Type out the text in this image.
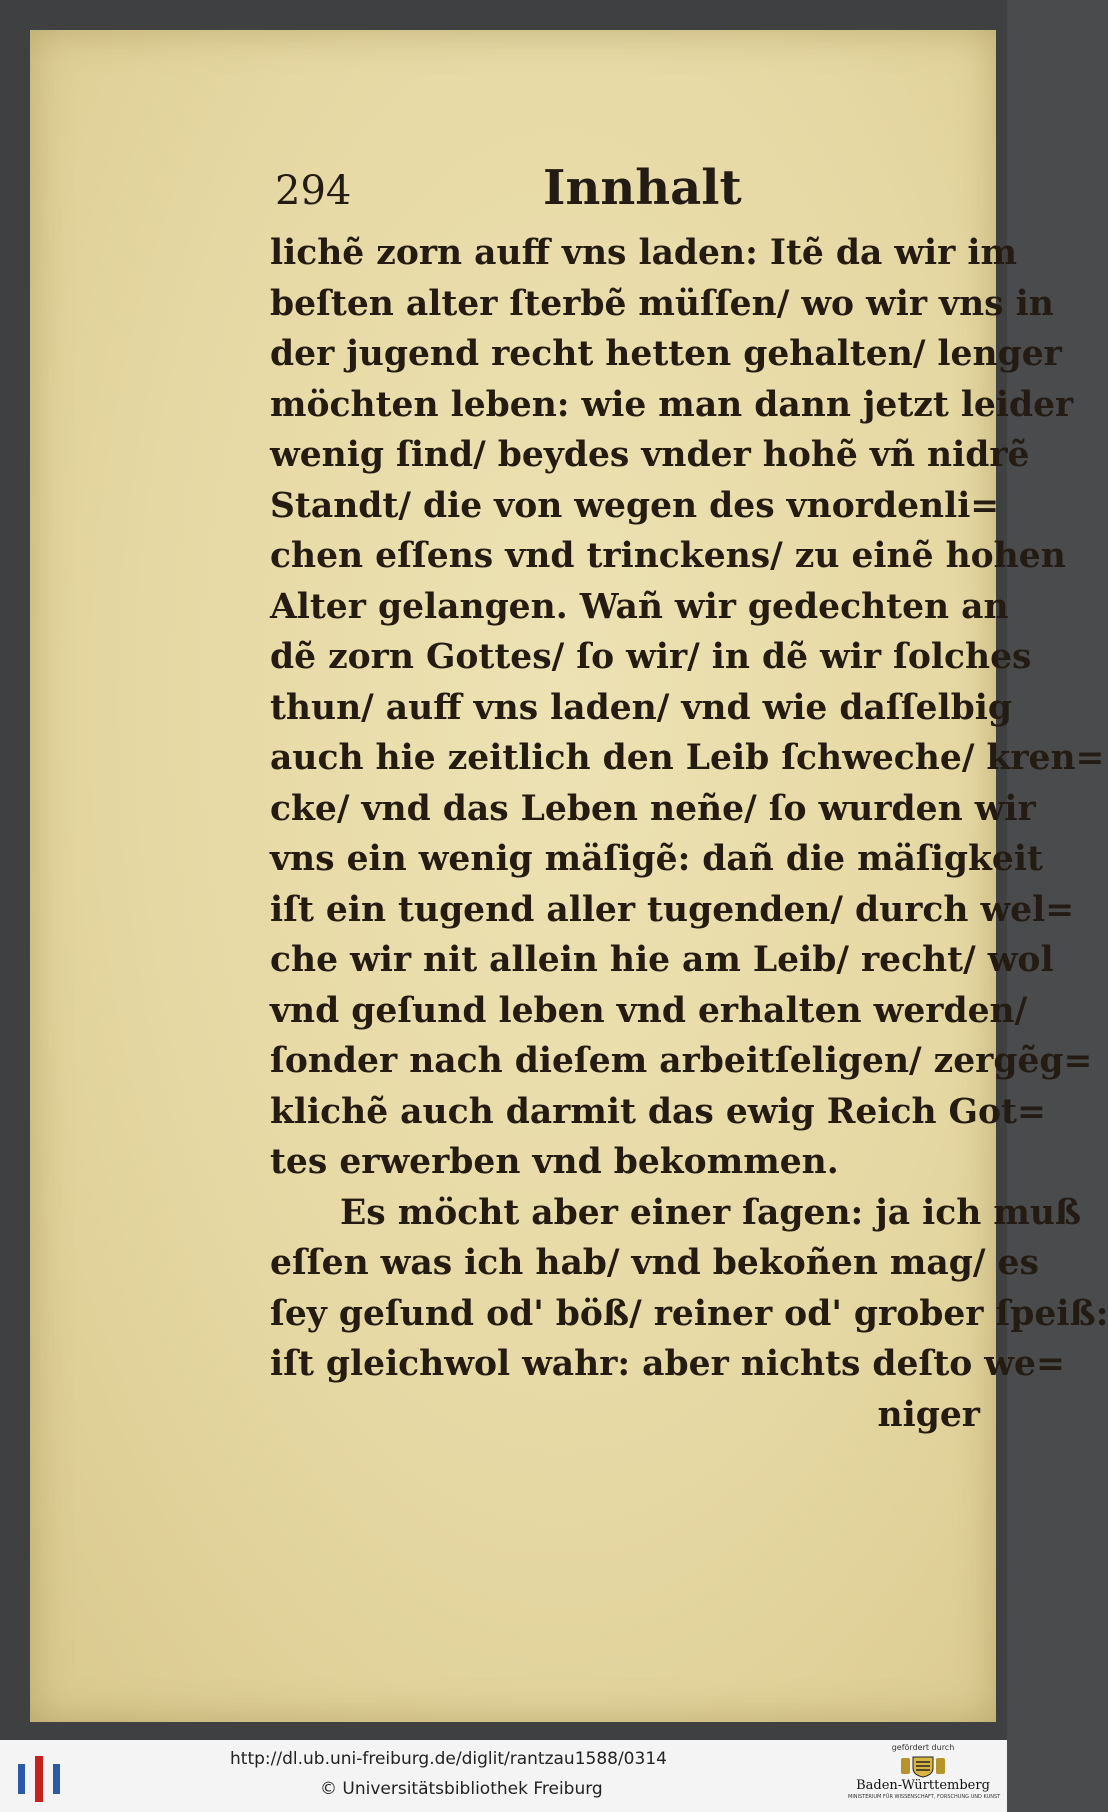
294	Innhalt
lichẽ zorn auff vns laden: Itẽ da wir im
beſten alter ſterbẽ müſſen/ wo wir vns in
der jugend recht hetten gehalten/ lenger
möchten leben: wie man dann jetzt leider
wenig ſind/ beydes vnder hohẽ vñ nidrẽ
Standt/ die von wegen des vnordenli=
chen eſſens vnd trinckens/ zu einẽ hohen
Alter gelangen. Wañ wir gedechten an
dẽ zorn Gottes/ ſo wir/ in dẽ wir ſolches
thun/ auff vns laden/ vnd wie daſſelbig
auch hie zeitlich den Leib ſchweche/ kren=
cke/ vnd das Leben neñe/ ſo wurden wir
vns ein wenig mäſigẽ: dañ die mäſigkeit
iſt ein tugend aller tugenden/ durch wel=
che wir nit allein hie am Leib/ recht/ wol
vnd geſund leben vnd erhalten werden/
ſonder nach dieſem arbeitſeligen/ zergẽg=
klichẽ auch darmit das ewig Reich Got=
tes erwerben vnd bekommen.
Es möcht aber einer ſagen: ja ich muß
eſſen was ich hab/ vnd bekoñen mag/ es
ſey geſund od' böß/ reiner od' grober ſpeiß:
iſt gleichwol wahr: aber nichts deſto we=
niger
http://dl.ub.uni-freiburg.de/diglit/rantzau1588/0314
© Universitätsbibliothek Freiburg
gefördert durch
Baden-Württemberg
MINISTERIUM FÜR WISSENSCHAFT, FORSCHUNG UND KUNST
